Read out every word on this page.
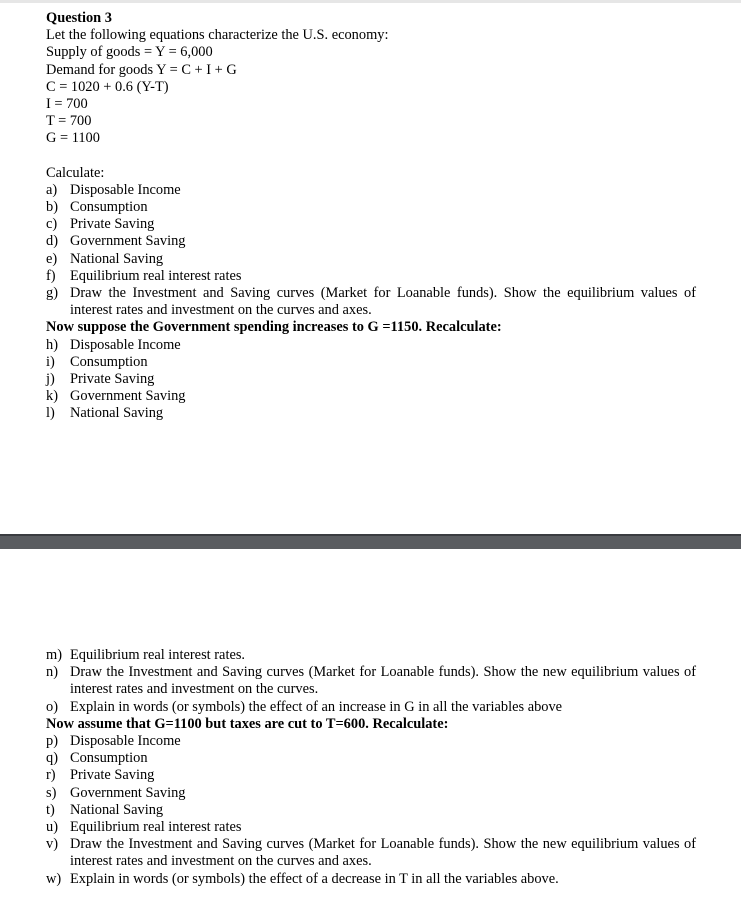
Question 3
Let the following equations characterize the U.S. economy:
Supply of goods = Y = 6,000
Demand for goods Y = C + I + G
C = 1020 + 0.6 (Y-T)
I = 700
T = 700
G = 1100
Calculate:
a) Disposable Income
b) Consumption
c) Private Saving
d) Government Saving
e) National Saving
f)	Equilibrium real interest rates
g) Draw the Investment and Saving curves (Market for Loanable funds). Show the equilibrium values of interest rates and investment on the curves and axes.
Now suppose the Government spending increases to G =1150. Recalculate:
h) Disposable Income
i)	Consumption
j)	Private Saving
k) Government Saving
l)	National Saving
m) Equilibrium real interest rates.
n) Draw the Investment and Saving curves (Market for Loanable funds). Show the new equilibrium values of interest rates and investment on the curves.
o) Explain in words (or symbols) the effect of an increase in G in all the variables above
Now assume that G=1100 but taxes are cut to T=600. Recalculate:
p) Disposable Income
q) Consumption
r)	Private Saving
s) Government Saving
t)	National Saving
u) Equilibrium real interest rates
v) Draw the Investment and Saving curves (Market for Loanable funds). Show the new equilibrium values of interest rates and investment on the curves and axes.
w) Explain in words (or symbols) the effect of a decrease in T in all the variables above.
